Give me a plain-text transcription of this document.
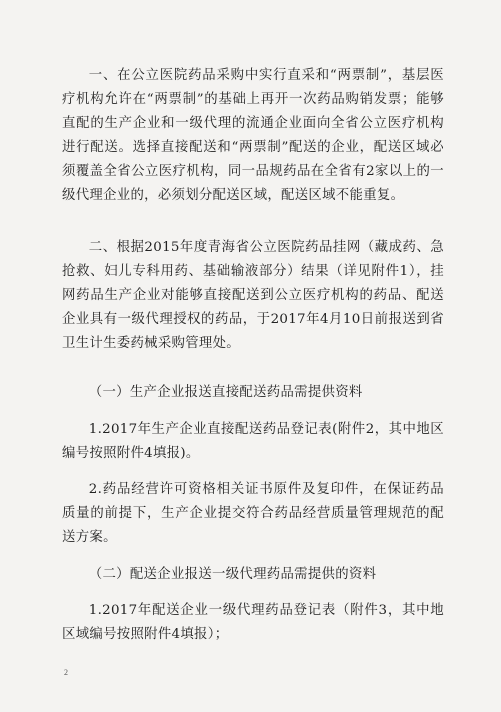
一、在公立医院药品采购中实行直采和“两票制”，基层医疗机构允许在“两票制”的基础上再开一次药品购销发票；能够直配的生产企业和一级代理的流通企业面向全省公立医疗机构进行配送。选择直接配送和“两票制”配送的企业，配送区域必须覆盖全省公立医疗机构，同一品规药品在全省有2家以上的一级代理企业的，必须划分配送区域，配送区域不能重复。

二、根据2015年度青海省公立医院药品挂网（藏成药、急抢救、妇儿专科用药、基础输液部分）结果（详见附件1），挂网药品生产企业对能够直接配送到公立医疗机构的药品、配送企业具有一级代理授权的药品，于2017年4月10日前报送到省卫生计生委药械采购管理处。

（一）生产企业报送直接配送药品需提供资料

1.2017年生产企业直接配送药品登记表(附件2，其中地区编号按照附件4填报)。

2.药品经营许可资格相关证书原件及复印件，在保证药品质量的前提下，生产企业提交符合药品经营质量管理规范的配送方案。

（二）配送企业报送一级代理药品需提供的资料

1.2017年配送企业一级代理药品登记表（附件3，其中地区域编号按照附件4填报）；

2
